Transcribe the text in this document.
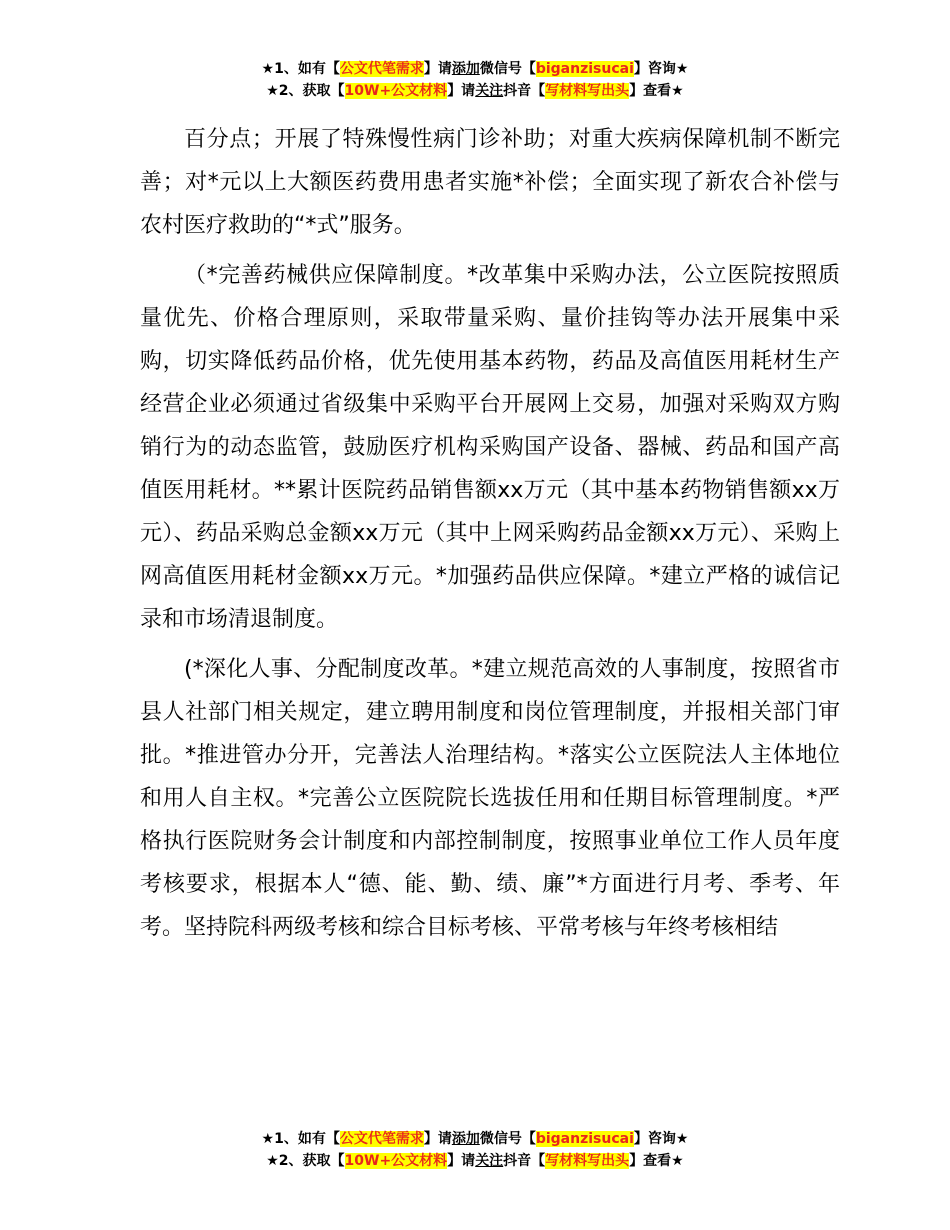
★1、如有【公文代笔需求】请添加微信号【biganzisucai】咨询★
★2、获取【10W+公文材料】请关注抖音【写材料写出头】查看★

百分点；开展了特殊慢性病门诊补助；对重大疾病保障机制不断完善；对*元以上大额医药费用患者实施*补偿；全面实现了新农合补偿与农村医疗救助的“*式”服务。

（*完善药械供应保障制度。*改革集中采购办法，公立医院按照质量优先、价格合理原则，采取带量采购、量价挂钩等办法开展集中采购，切实降低药品价格，优先使用基本药物，药品及高值医用耗材生产经营企业必须通过省级集中采购平台开展网上交易，加强对采购双方购销行为的动态监管，鼓励医疗机构采购国产设备、器械、药品和国产高值医用耗材。**累计医院药品销售额xx万元（其中基本药物销售额xx万元）、药品采购总金额xx万元（其中上网采购药品金额xx万元）、采购上网高值医用耗材金额xx万元。*加强药品供应保障。*建立严格的诚信记录和市场清退制度。

(*深化人事、分配制度改革。*建立规范高效的人事制度，按照省市县人社部门相关规定，建立聘用制度和岗位管理制度，并报相关部门审批。*推进管办分开，完善法人治理结构。*落实公立医院法人主体地位和用人自主权。*完善公立医院院长选拔任用和任期目标管理制度。*严格执行医院财务会计制度和内部控制制度，按照事业单位工作人员年度考核要求，根据本人“德、能、勤、绩、廉”*方面进行月考、季考、年考。坚持院科两级考核和综合目标考核、平常考核与年终考核相结

★1、如有【公文代笔需求】请添加微信号【biganzisucai】咨询★
★2、获取【10W+公文材料】请关注抖音【写材料写出头】查看★
